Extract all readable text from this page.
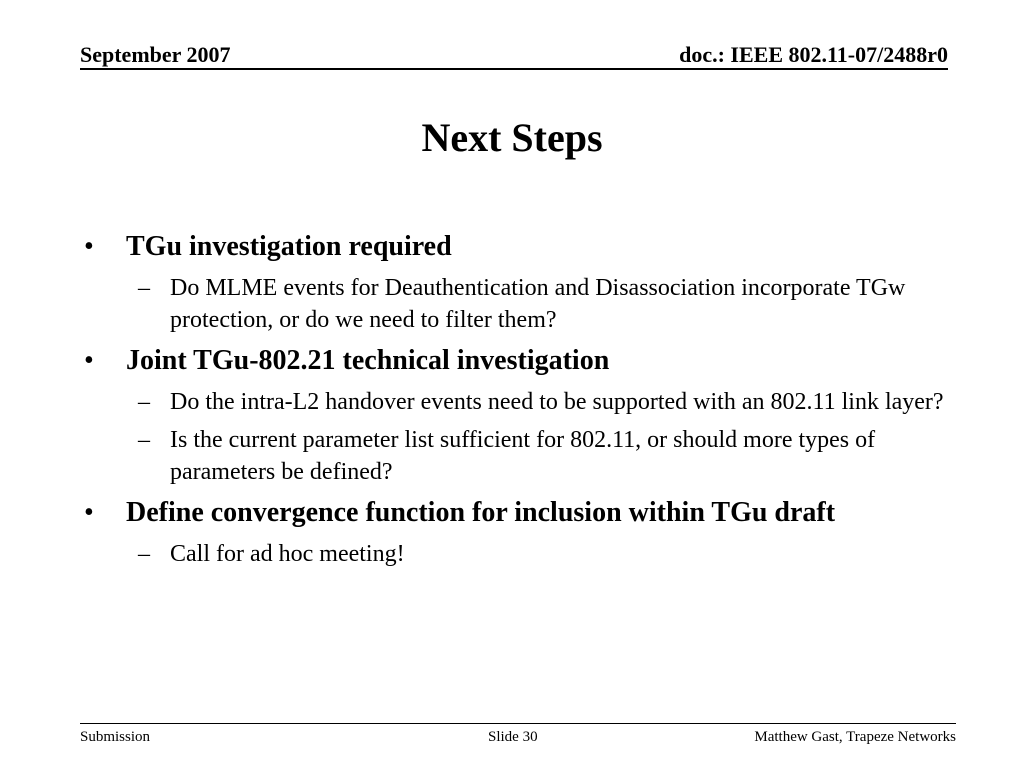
September 2007	doc.: IEEE 802.11-07/2488r0
Next Steps
• TGu investigation required
– Do MLME events for Deauthentication and Disassociation incorporate TGw protection, or do we need to filter them?
• Joint TGu-802.21 technical investigation
– Do the intra-L2 handover events need to be supported with an 802.11 link layer?
– Is the current parameter list sufficient for 802.11, or should more types of parameters be defined?
• Define convergence function for inclusion within TGu draft
– Call for ad hoc meeting!
Submission	Slide 30	Matthew Gast, Trapeze Networks
